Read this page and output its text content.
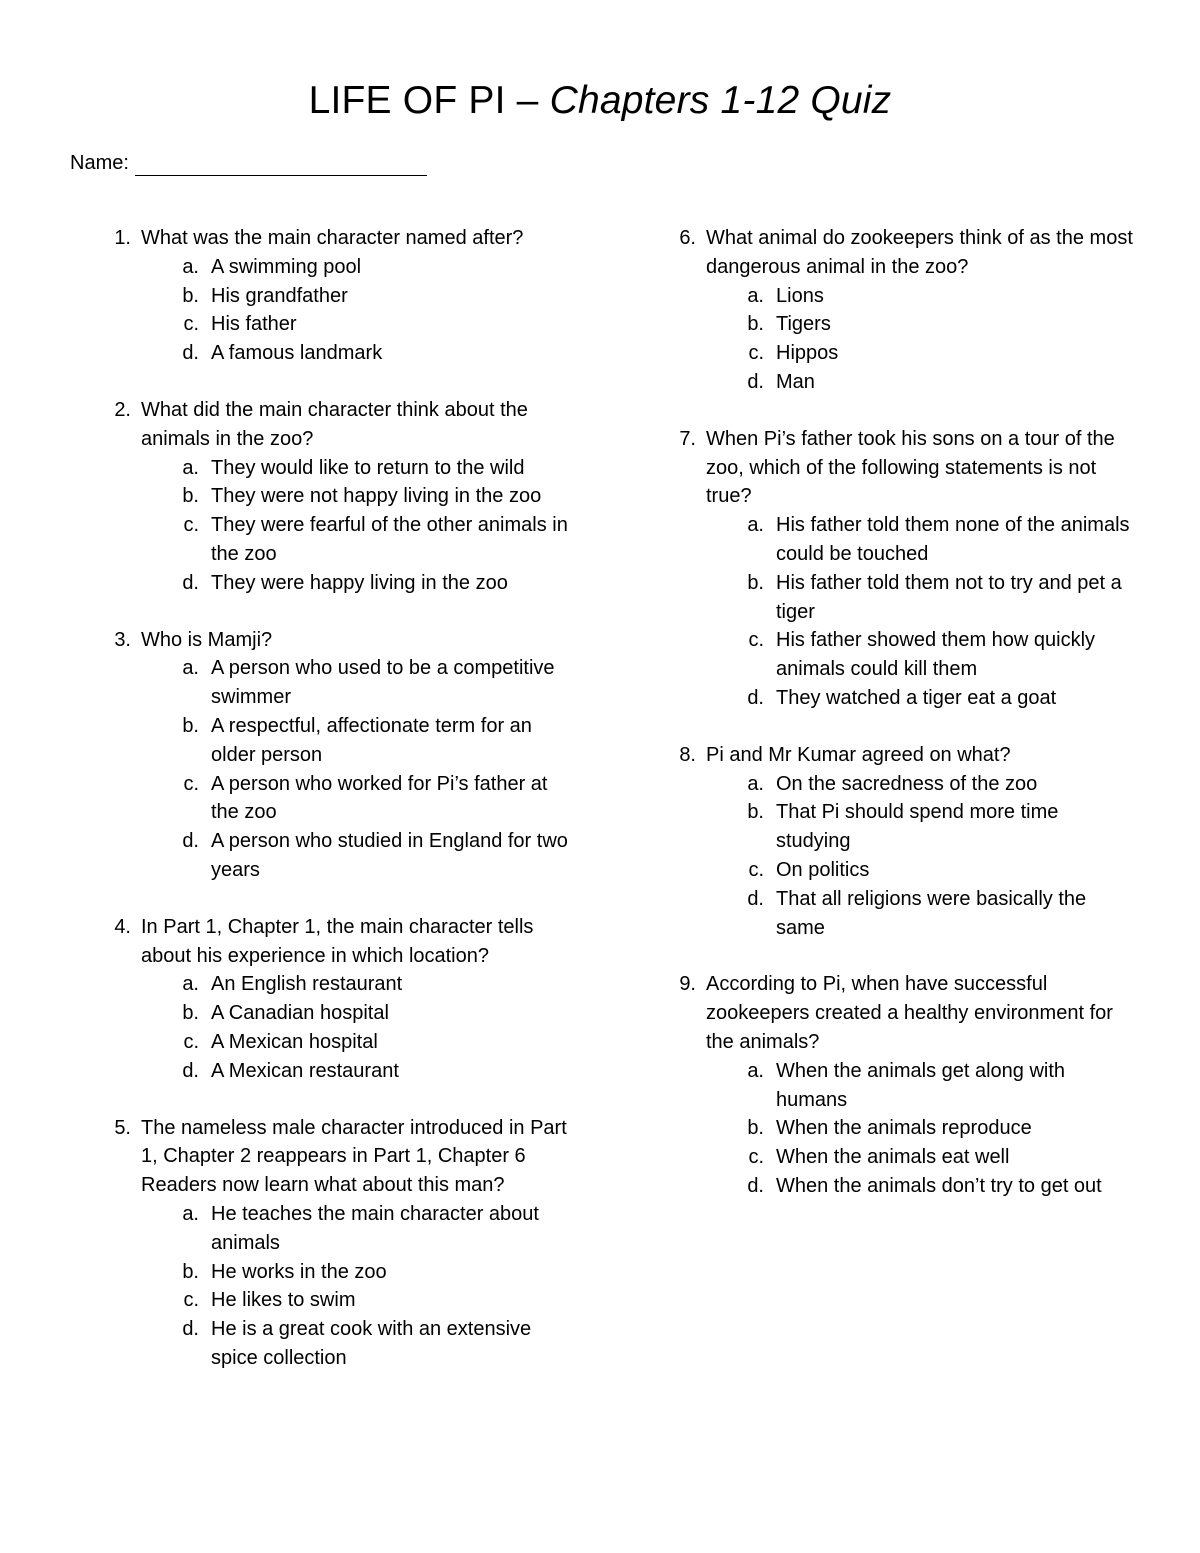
LIFE OF PI – Chapters 1-12 Quiz
Name:
1. What was the main character named after?
a. A swimming pool
b. His grandfather
c. His father
d. A famous landmark
2. What did the main character think about the animals in the zoo?
a. They would like to return to the wild
b. They were not happy living in the zoo
c. They were fearful of the other animals in the zoo
d. They were happy living in the zoo
3. Who is Mamji?
a. A person who used to be a competitive swimmer
b. A respectful, affectionate term for an older person
c. A person who worked for Pi’s father at the zoo
d. A person who studied in England for two years
4. In Part 1, Chapter 1, the main character tells about his experience in which location?
a. An English restaurant
b. A Canadian hospital
c. A Mexican hospital
d. A Mexican restaurant
5. The nameless male character introduced in Part 1, Chapter 2 reappears in Part 1, Chapter 6 Readers now learn what about this man?
a. He teaches the main character about animals
b. He works in the zoo
c. He likes to swim
d. He is a great cook with an extensive spice collection
6. What animal do zookeepers think of as the most dangerous animal in the zoo?
a. Lions
b. Tigers
c. Hippos
d. Man
7. When Pi’s father took his sons on a tour of the zoo, which of the following statements is not true?
a. His father told them none of the animals could be touched
b. His father told them not to try and pet a tiger
c. His father showed them how quickly animals could kill them
d. They watched a tiger eat a goat
8. Pi and Mr Kumar agreed on what?
a. On the sacredness of the zoo
b. That Pi should spend more time studying
c. On politics
d. That all religions were basically the same
9. According to Pi, when have successful zookeepers created a healthy environment for the animals?
a. When the animals get along with humans
b. When the animals reproduce
c. When the animals eat well
d. When the animals don’t try to get out
